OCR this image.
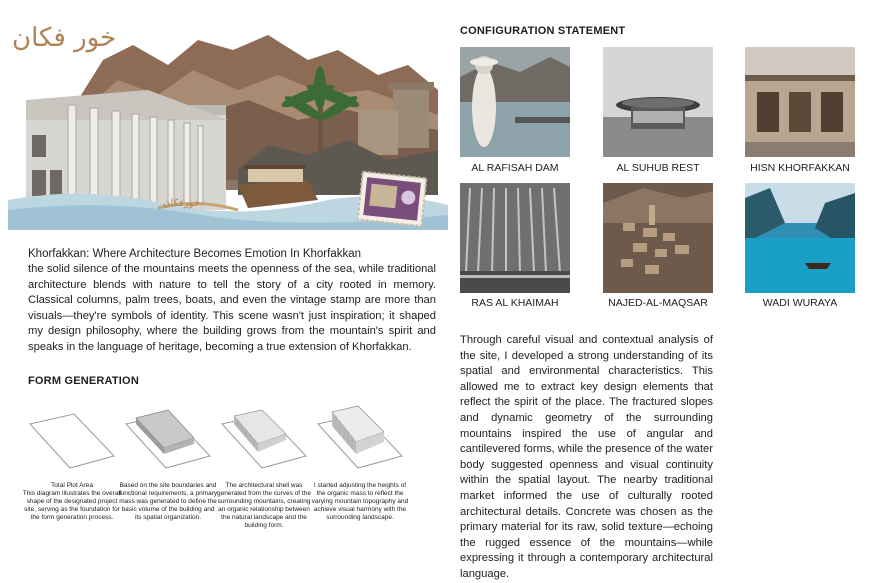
خور فكان
خورفكان
Khorfakkan: Where Architecture Becomes Emotion In Khorfakkan
the solid silence of the mountains meets the openness of the sea, while traditional architecture blends with nature to tell the story of a city rooted in memory. Classical columns, palm trees, boats, and even the vintage stamp are more than visuals—they're symbols of identity. This scene wasn't just inspiration; it shaped my design philosophy, where the building grows from the mountain's spirit and speaks in the language of heritage, becoming a true extension of Khorfakkan.
FORM GENERATION
Total Plot Area
This diagram illustrates the overall shape of the designated project site, serving as the foundation for the form generation process.
Based on the site boundaries and functional requirements, a primary mass was generated to define the basic volume of the building and its spatial organization.
The architectural shell was generated from the curves of the surrounding mountains, creating an organic relationship between the natural landscape and the building form.
I started adjusting the heights of the organic mass to reflect the varying mountain topography and achieve visual harmony with the surrounding landscape.
CONFIGURATION STATEMENT
AL RAFISAH DAM	AL SUHUB REST	HISN KHORFAKKAN
RAS AL KHAIMAH	NAJED-AL-MAQSAR	WADI WURAYA
Through careful visual and contextual analysis of the site, I developed a strong understanding of its spatial and environmental characteristics. This allowed me to extract key design elements that reflect the spirit of the place. The fractured slopes and dynamic geometry of the surrounding mountains inspired the use of angular and cantilevered forms, while the presence of the water body suggested openness and visual continuity within the spatial layout. The nearby traditional market informed the use of culturally rooted architectural details. Concrete was chosen as the primary material for its raw, solid texture—echoing the rugged essence of the mountains—while expressing it through a contemporary architectural language.
